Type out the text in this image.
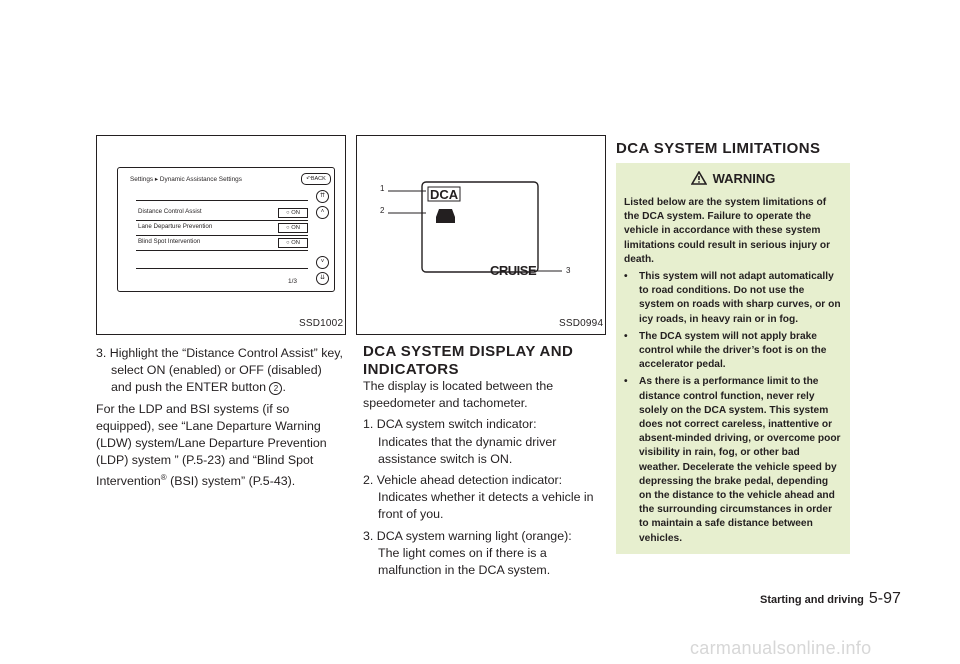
Settings ▸ Dynamic Assistance Settings	↶BACK
Distance Control Assist	○ ON
Lane Departure Prevention	○ ON
Blind Spot Intervention	○ ON
1/3
⇈
˄
˅
⇊
SSD1002
DCA
CRUISE
1
2
3
SSD0994

3. Highlight the “Distance Control Assist” key, select ON (enabled) or OFF (disabled) and push the ENTER button 2 .

For the LDP and BSI systems (if so equipped), see “Lane Departure Warning (LDW) system/Lane Departure Prevention (LDP) system ” (P.5-23) and “Blind Spot Intervention® (BSI) system” (P.5-43).

DCA SYSTEM DISPLAY AND INDICATORS

The display is located between the speedometer and tachometer.

1. DCA system switch indicator:

Indicates that the dynamic driver assistance switch is ON.

2. Vehicle ahead detection indicator:

Indicates whether it detects a vehicle in front of you.

3. DCA system warning light (orange):

The light comes on if there is a malfunction in the DCA system.

DCA SYSTEM LIMITATIONS
WARNING

Listed below are the system limitations of the DCA system. Failure to operate the vehicle in accordance with these system limitations could result in serious injury or death.

• This system will not adapt automatically to road conditions. Do not use the system on roads with sharp curves, or on icy roads, in heavy rain or in fog.

• The DCA system will not apply brake control while the driver’s foot is on the accelerator pedal.

• As there is a performance limit to the distance control function, never rely solely on the DCA system. This system does not correct careless, inattentive or absent-minded driving, or overcome poor visibility in rain, fog, or other bad weather. Decelerate the vehicle speed by depressing the brake pedal, depending on the distance to the vehicle ahead and the surrounding circumstances in order to maintain a safe distance between vehicles.

Starting and driving 5-97
carmanualsonline.info
